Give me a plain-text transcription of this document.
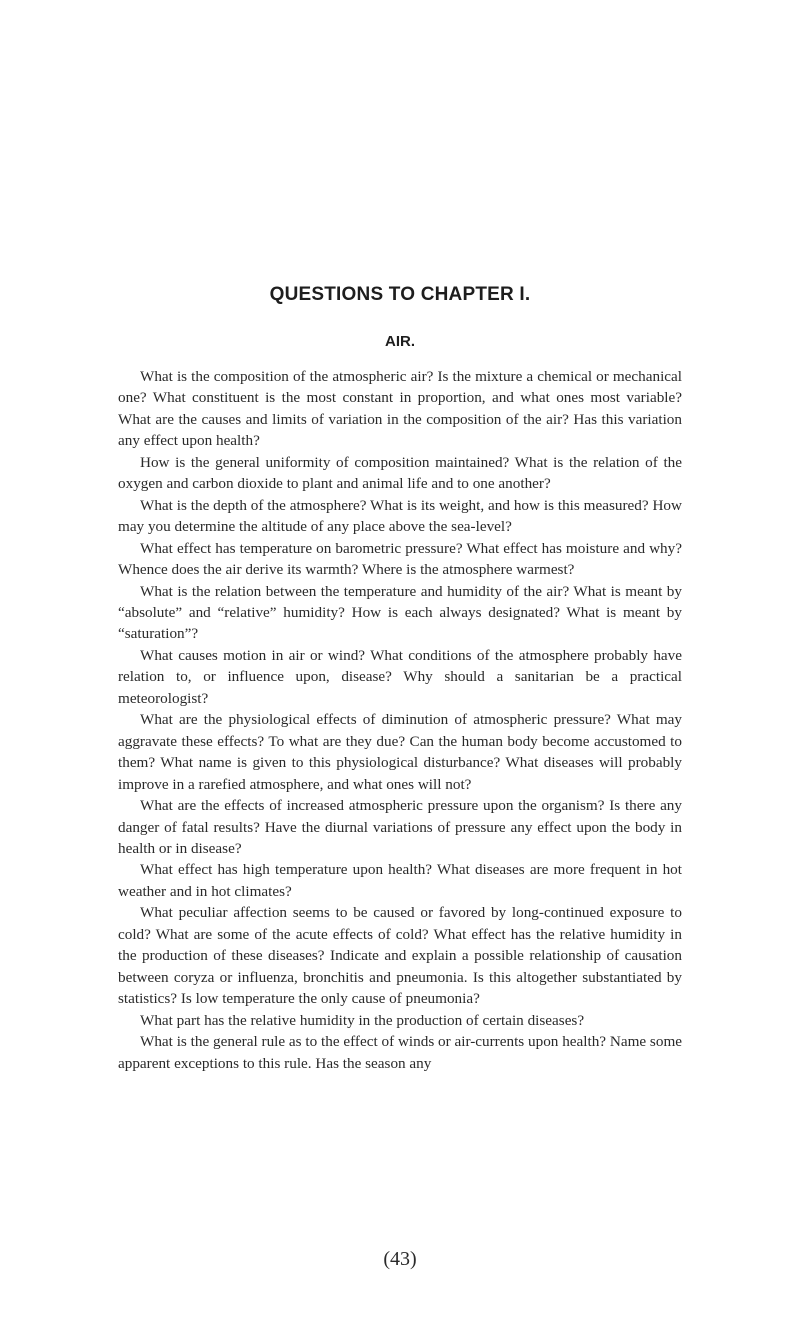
QUESTIONS TO CHAPTER I.
AIR.

What is the composition of the atmospheric air? Is the mixture a chemical or mechanical one? What constituent is the most constant in proportion, and what ones most variable? What are the causes and limits of variation in the composition of the air? Has this variation any effect upon health?

How is the general uniformity of composition maintained? What is the relation of the oxygen and carbon dioxide to plant and animal life and to one another?

What is the depth of the atmosphere? What is its weight, and how is this measured? How may you determine the altitude of any place above the sea-level?

What effect has temperature on barometric pressure? What effect has moisture and why? Whence does the air derive its warmth? Where is the atmosphere warmest?

What is the relation between the temperature and humidity of the air? What is meant by “absolute” and “relative” humidity? How is each always designated? What is meant by “saturation”?

What causes motion in air or wind? What conditions of the atmosphere probably have relation to, or influence upon, disease? Why should a sanitarian be a practical meteorologist?

What are the physiological effects of diminution of atmospheric pressure? What may aggravate these effects? To what are they due? Can the human body become accustomed to them? What name is given to this physiological disturbance? What diseases will probably improve in a rarefied atmosphere, and what ones will not?

What are the effects of increased atmospheric pressure upon the organism? Is there any danger of fatal results? Have the diurnal variations of pressure any effect upon the body in health or in disease?

What effect has high temperature upon health? What diseases are more frequent in hot weather and in hot climates?

What peculiar affection seems to be caused or favored by long-continued exposure to cold? What are some of the acute effects of cold? What effect has the relative humidity in the production of these diseases? Indicate and explain a possible relationship of causation between coryza or influenza, bronchitis and pneumonia. Is this altogether substantiated by statistics? Is low temperature the only cause of pneumonia?

What part has the relative humidity in the production of certain diseases?

What is the general rule as to the effect of winds or air-currents upon health? Name some apparent exceptions to this rule. Has the season any

(43)
